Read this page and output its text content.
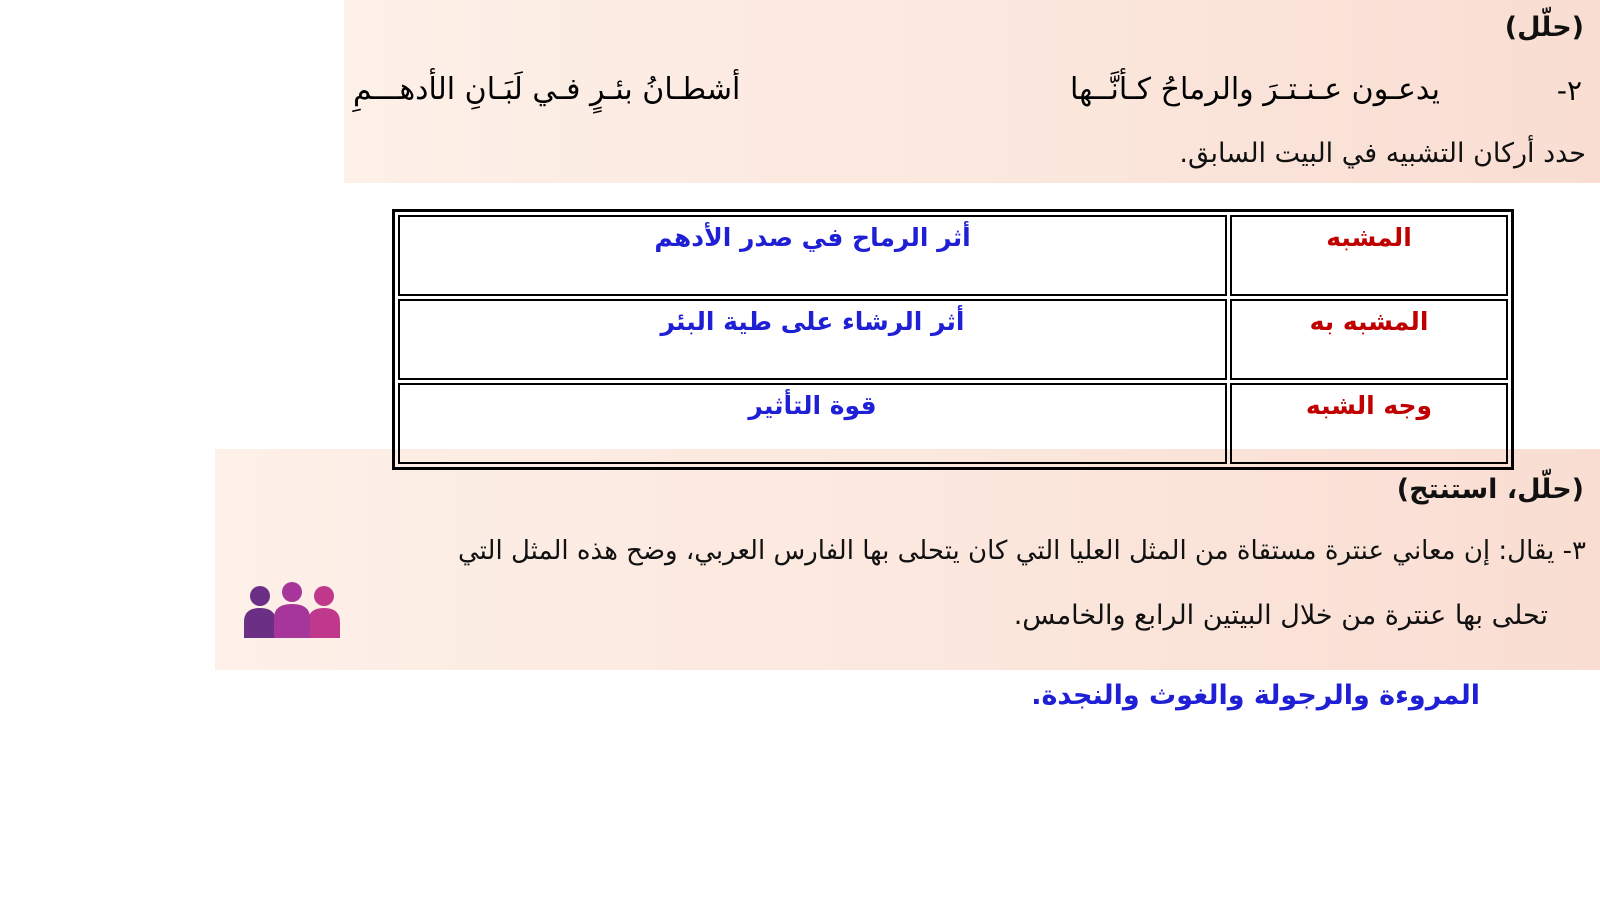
(حلّل)
٢-
يدعـون عـنـتـرَ والرماحُ كـأنَّــها
أشطـانُ بئـرٍ فـي لَبَـانِ الأدهـــمِ
حدد أركان التشبيه في البيت السابق.
المشبه	أثر الرماح في صدر الأدهم
المشبه به	أثر الرشاء على طية البئر
وجه الشبه	قوة التأثير
(حلّل، استنتج)
٣- يقال: إن معاني عنترة مستقاة من المثل العليا التي كان يتحلى بها الفارس العربي، وضح هذه المثل التي
تحلى بها عنترة من خلال البيتين الرابع والخامس.
المروءة والرجولة والغوث والنجدة.
